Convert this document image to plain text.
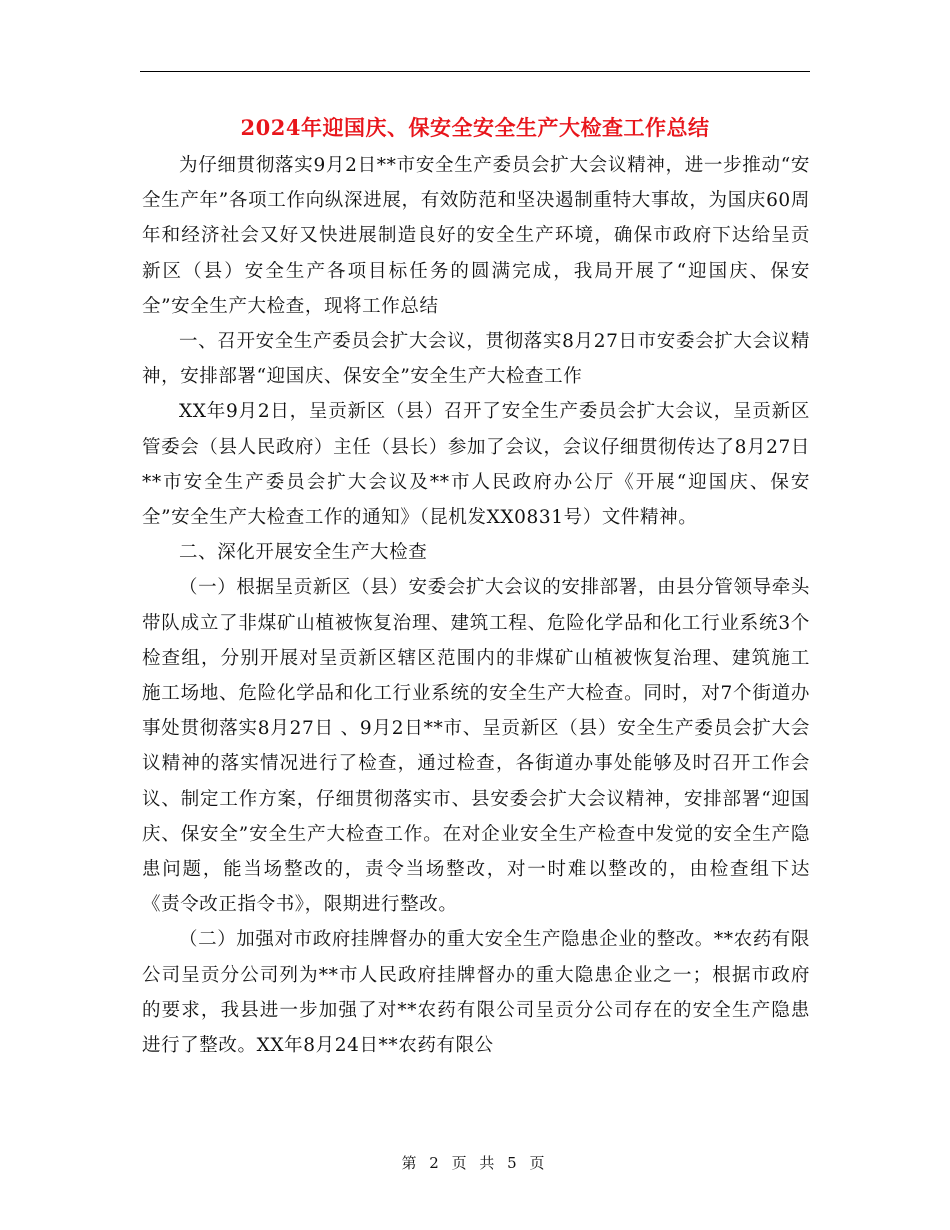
2024年迎国庆、保安全安全生产大检查工作总结

为仔细贯彻落实9月2日**市安全生产委员会扩大会议精神，进一步推动“安全生产年”各项工作向纵深进展，有效防范和坚决遏制重特大事故，为国庆60周年和经济社会又好又快进展制造良好的安全生产环境，确保市政府下达给呈贡新区（县）安全生产各项目标任务的圆满完成，我局开展了“迎国庆、保安全”安全生产大检查，现将工作总结

一、召开安全生产委员会扩大会议，贯彻落实8月27日市安委会扩大会议精神，安排部署“迎国庆、保安全”安全生产大检查工作

XX年9月2日，呈贡新区（县）召开了安全生产委员会扩大会议，呈贡新区管委会（县人民政府）主任（县长）参加了会议，会议仔细贯彻传达了8月27日**市安全生产委员会扩大会议及**市人民政府办公厅《开展“迎国庆、保安全”安全生产大检查工作的通知》（昆机发XX0831号）文件精神。

二、深化开展安全生产大检查

（一）根据呈贡新区（县）安委会扩大会议的安排部署，由县分管领导牵头带队成立了非煤矿山植被恢复治理、建筑工程、危险化学品和化工行业系统3个检查组，分别开展对呈贡新区辖区范围内的非煤矿山植被恢复治理、建筑施工施工场地、危险化学品和化工行业系统的安全生产大检查。同时，对7个街道办事处贯彻落实8月27日 、9月2日**市、呈贡新区（县）安全生产委员会扩大会议精神的落实情况进行了检查，通过检查，各街道办事处能够及时召开工作会议、制定工作方案，仔细贯彻落实市、县安委会扩大会议精神，安排部署“迎国庆、保安全”安全生产大检查工作。在对企业安全生产检查中发觉的安全生产隐患问题，能当场整改的，责令当场整改，对一时难以整改的，由检查组下达《责令改正指令书》，限期进行整改。

（二）加强对市政府挂牌督办的重大安全生产隐患企业的整改。**农药有限公司呈贡分公司列为**市人民政府挂牌督办的重大隐患企业之一；根据市政府的要求，我县进一步加强了对**农药有限公司呈贡分公司存在的安全生产隐患进行了整改。XX年8月24日**农药有限公

第 2 页 共 5 页
